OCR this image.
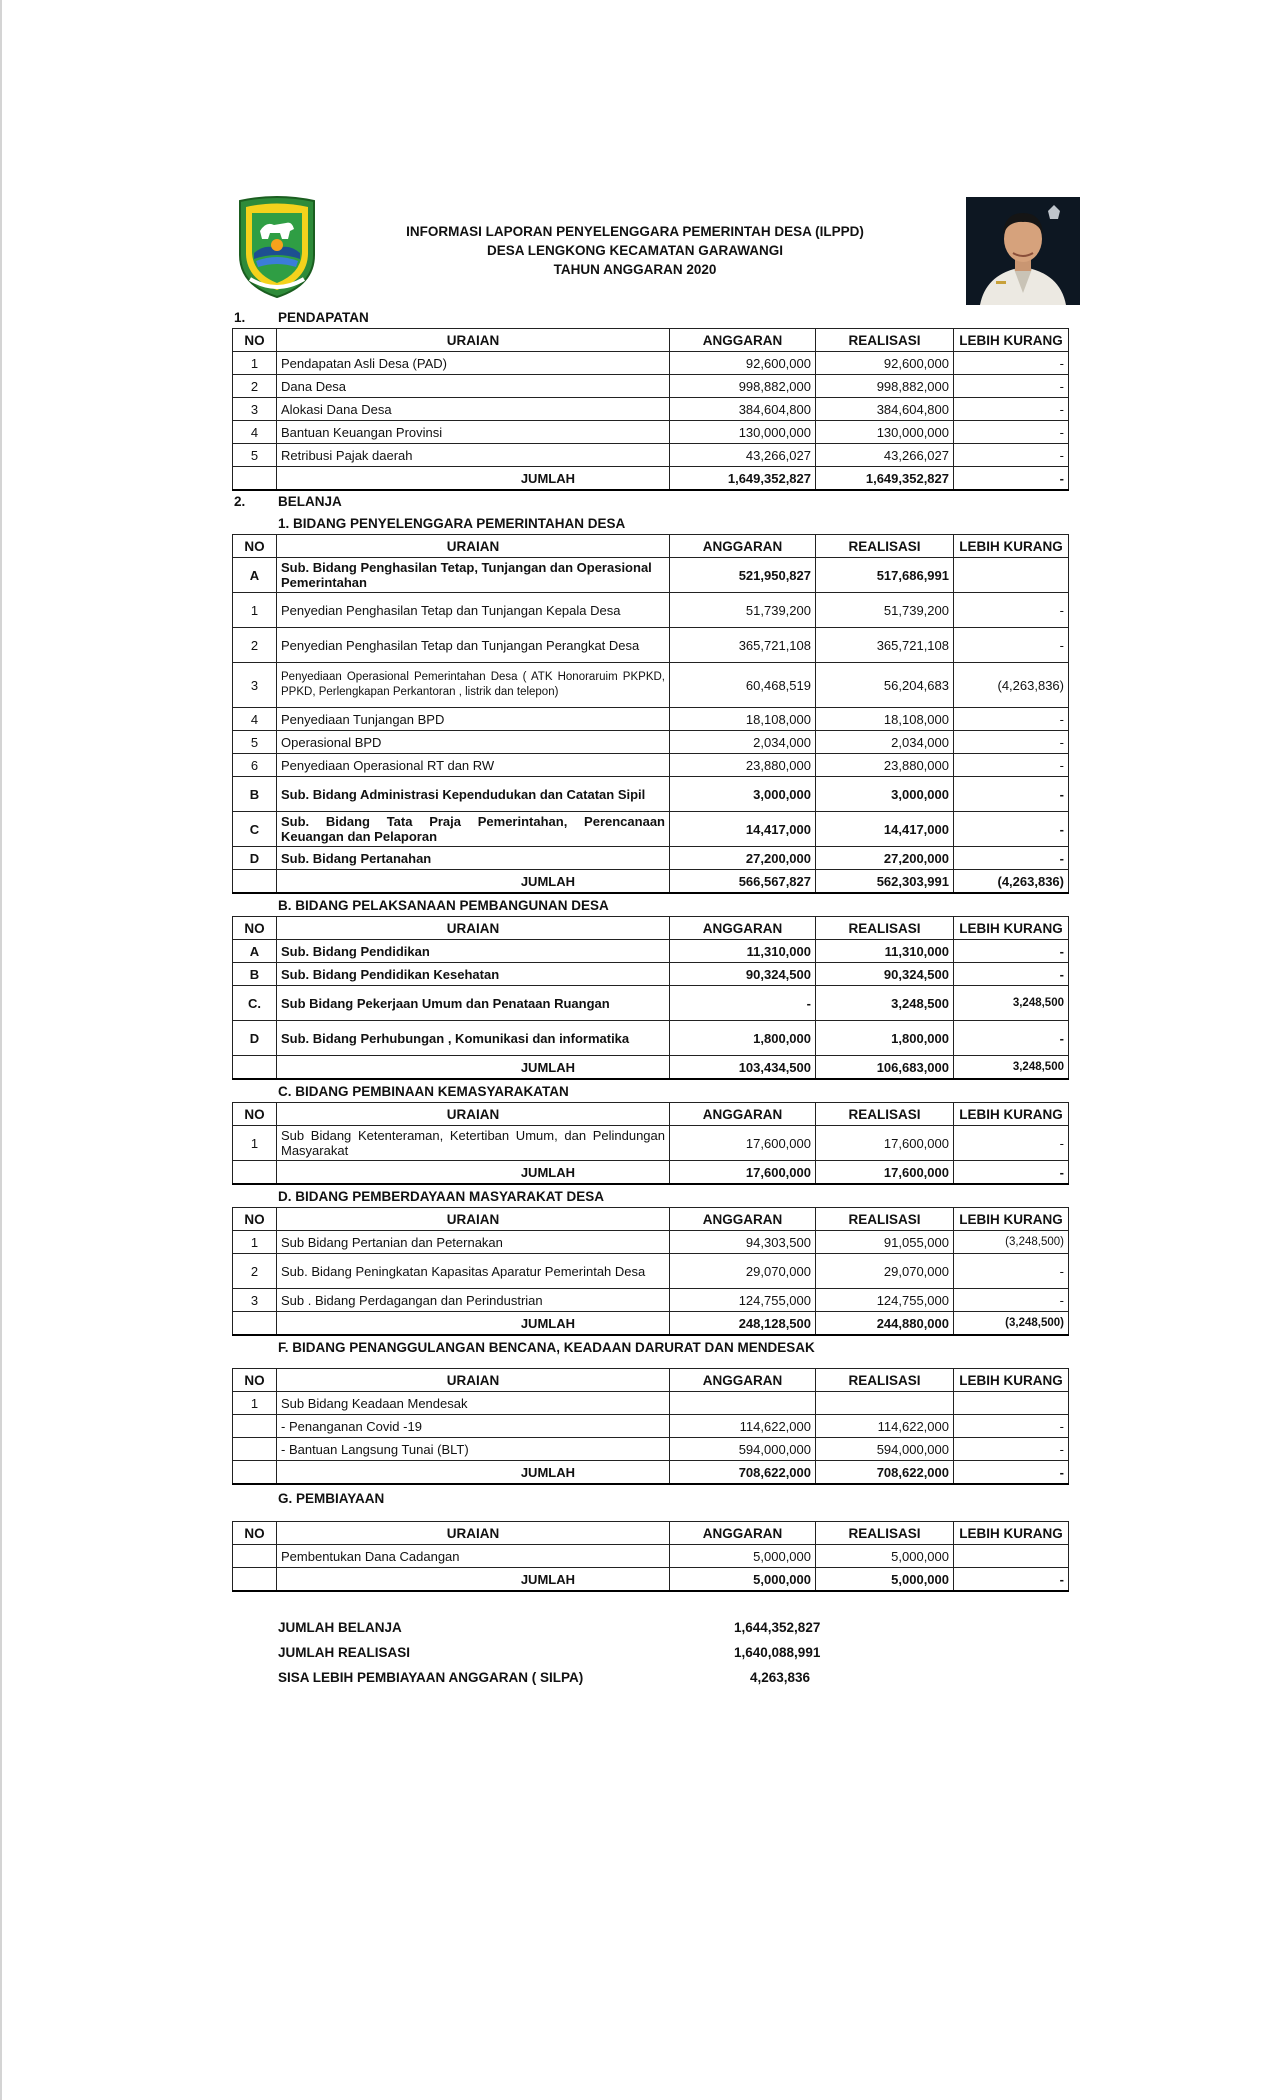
INFORMASI LAPORAN PENYELENGGARA PEMERINTAH DESA (ILPPD)
DESA LENGKONG KECAMATAN GARAWANGI
TAHUN ANGGARAN 2020
1. PENDAPATAN
NO	URAIAN	ANGGARAN	REALISASI	LEBIH KURANG
1	Pendapatan Asli Desa (PAD)	92,600,000	92,600,000	-
2	Dana Desa	998,882,000	998,882,000	-
3	Alokasi Dana Desa	384,604,800	384,604,800	-
4	Bantuan Keuangan Provinsi	130,000,000	130,000,000	-
5	Retribusi Pajak daerah	43,266,027	43,266,027	-
	JUMLAH	1,649,352,827	1,649,352,827	-
2. BELANJA
1. BIDANG PENYELENGGARA PEMERINTAHAN DESA
NO	URAIAN	ANGGARAN	REALISASI	LEBIH KURANG
A	Sub. Bidang Penghasilan Tetap, Tunjangan dan Operasional Pemerintahan	521,950,827	517,686,991	
1	Penyedian Penghasilan Tetap dan Tunjangan Kepala Desa	51,739,200	51,739,200	-
2	Penyedian Penghasilan Tetap dan Tunjangan Perangkat Desa	365,721,108	365,721,108	-
3	Penyediaan Operasional Pemerintahan Desa ( ATK Honoraruim PKPKD, PPKD, Perlengkapan Perkantoran , listrik dan telepon)	60,468,519	56,204,683	(4,263,836)
4	Penyediaan Tunjangan BPD	18,108,000	18,108,000	-
5	Operasional BPD	2,034,000	2,034,000	-
6	Penyediaan Operasional RT dan RW	23,880,000	23,880,000	-
B	Sub. Bidang Administrasi Kependudukan dan Catatan Sipil	3,000,000	3,000,000	-
C	Sub. Bidang Tata Praja Pemerintahan, Perencanaan Keuangan dan Pelaporan	14,417,000	14,417,000	-
D	Sub. Bidang Pertanahan	27,200,000	27,200,000	-
	JUMLAH	566,567,827	562,303,991	(4,263,836)
B. BIDANG PELAKSANAAN PEMBANGUNAN DESA
NO	URAIAN	ANGGARAN	REALISASI	LEBIH KURANG
A	Sub. Bidang Pendidikan	11,310,000	11,310,000	-
B	Sub. Bidang Pendidikan Kesehatan	90,324,500	90,324,500	-
C.	Sub Bidang Pekerjaan Umum dan Penataan Ruangan	-	3,248,500	3,248,500
D	Sub. Bidang Perhubungan , Komunikasi dan informatika	1,800,000	1,800,000	-
	JUMLAH	103,434,500	106,683,000	3,248,500
C. BIDANG PEMBINAAN KEMASYARAKATAN
NO	URAIAN	ANGGARAN	REALISASI	LEBIH KURANG
1	Sub Bidang Ketenteraman, Ketertiban Umum, dan Pelindungan Masyarakat	17,600,000	17,600,000	-
	JUMLAH	17,600,000	17,600,000	-
D. BIDANG PEMBERDAYAAN MASYARAKAT DESA
NO	URAIAN	ANGGARAN	REALISASI	LEBIH KURANG
1	Sub Bidang Pertanian dan Peternakan	94,303,500	91,055,000	(3,248,500)
2	Sub. Bidang Peningkatan Kapasitas Aparatur Pemerintah Desa	29,070,000	29,070,000	-
3	Sub . Bidang Perdagangan dan Perindustrian	124,755,000	124,755,000	-
	JUMLAH	248,128,500	244,880,000	(3,248,500)
F. BIDANG PENANGGULANGAN BENCANA, KEADAAN DARURAT DAN MENDESAK
NO	URAIAN	ANGGARAN	REALISASI	LEBIH KURANG
1	Sub Bidang Keadaan Mendesak			
	- Penanganan Covid -19	114,622,000	114,622,000	-
	- Bantuan Langsung Tunai (BLT)	594,000,000	594,000,000	-
	JUMLAH	708,622,000	708,622,000	-
G. PEMBIAYAAN
NO	URAIAN	ANGGARAN	REALISASI	LEBIH KURANG
	Pembentukan Dana Cadangan	5,000,000	5,000,000	
	JUMLAH	5,000,000	5,000,000	-
JUMLAH BELANJA	1,644,352,827
JUMLAH REALISASI	1,640,088,991
SISA LEBIH PEMBIAYAAN ANGGARAN ( SILPA)	4,263,836
